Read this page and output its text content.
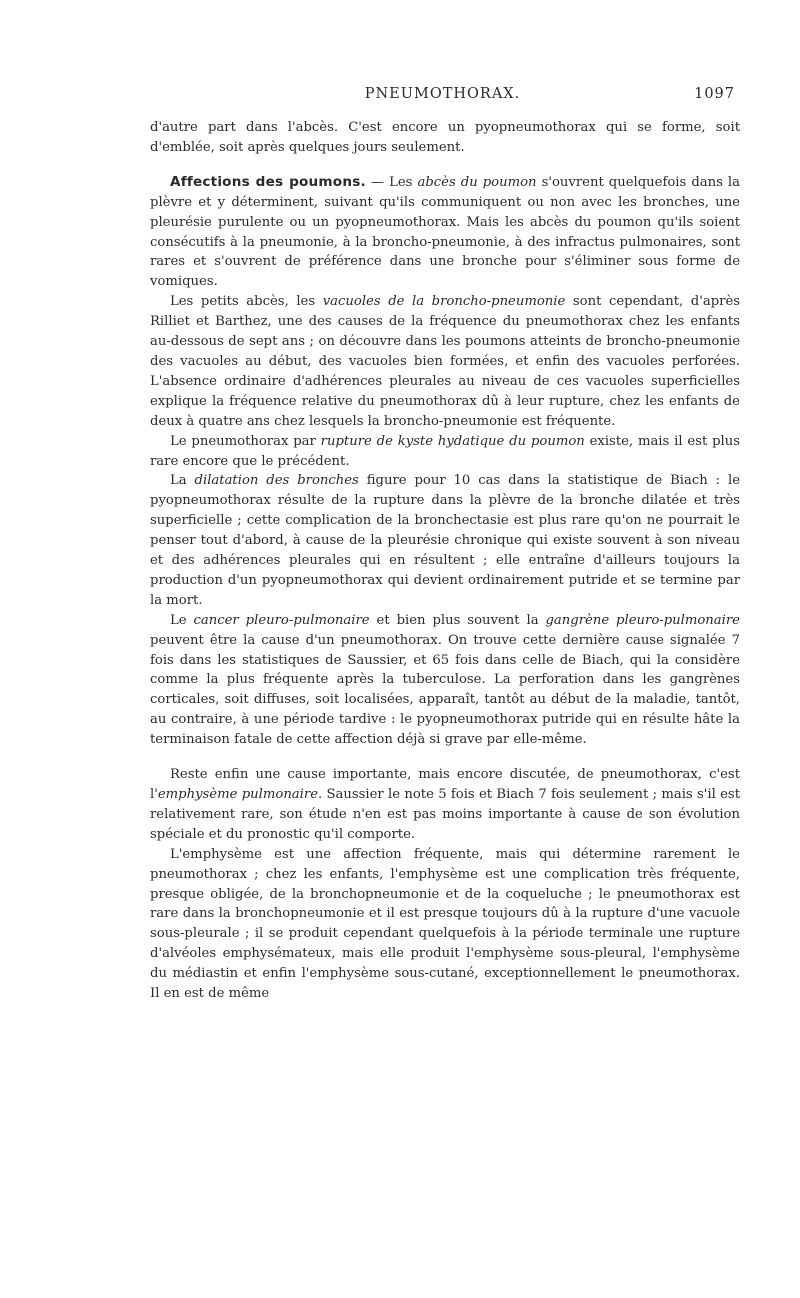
PNEUMOTHORAX.	1097

d'autre part dans l'abcès. C'est encore un pyopneumothorax qui se forme, soit d'emblée, soit après quelques jours seulement.

Affections des poumons. — Les abcès du poumon s'ouvrent quelquefois dans la plèvre et y déterminent, suivant qu'ils communiquent ou non avec les bronches, une pleurésie purulente ou un pyopneumothorax. Mais les abcès du poumon qu'ils soient consécutifs à la pneumonie, à la broncho-pneumonie, à des infractus pulmonaires, sont rares et s'ouvrent de préférence dans une bronche pour s'éliminer sous forme de vomiques.

Les petits abcès, les vacuoles de la broncho-pneumonie sont cependant, d'après Rilliet et Barthez, une des causes de la fréquence du pneumothorax chez les enfants au-dessous de sept ans ; on découvre dans les poumons atteints de broncho-pneumonie des vacuoles au début, des vacuoles bien formées, et enfin des vacuoles perforées. L'absence ordinaire d'adhérences pleurales au niveau de ces vacuoles superficielles explique la fréquence relative du pneumothorax dû à leur rupture, chez les enfants de deux à quatre ans chez lesquels la broncho-pneumonie est fréquente.

Le pneumothorax par rupture de kyste hydatique du poumon existe, mais il est plus rare encore que le précédent.

La dilatation des bronches figure pour 10 cas dans la statistique de Biach : le pyopneumothorax résulte de la rupture dans la plèvre de la bronche dilatée et très superficielle ; cette complication de la bronchectasie est plus rare qu'on ne pourrait le penser tout d'abord, à cause de la pleurésie chronique qui existe souvent à son niveau et des adhérences pleurales qui en résultent ; elle entraîne d'ailleurs toujours la production d'un pyopneumothorax qui devient ordinairement putride et se termine par la mort.

Le cancer pleuro-pulmonaire et bien plus souvent la gangrène pleuro-pulmonaire peuvent être la cause d'un pneumothorax. On trouve cette dernière cause signalée 7 fois dans les statistiques de Saussier, et 65 fois dans celle de Biach, qui la considère comme la plus fréquente après la tuberculose. La perforation dans les gangrènes corticales, soit diffuses, soit localisées, apparaît, tantôt au début de la maladie, tantôt, au contraire, à une période tardive : le pyopneumothorax putride qui en résulte hâte la terminaison fatale de cette affection déjà si grave par elle-même.

Reste enfin une cause importante, mais encore discutée, de pneumothorax, c'est l'emphysème pulmonaire. Saussier le note 5 fois et Biach 7 fois seulement ; mais s'il est relativement rare, son étude n'en est pas moins importante à cause de son évolution spéciale et du pronostic qu'il comporte.

L'emphysème est une affection fréquente, mais qui détermine rarement le pneumothorax ; chez les enfants, l'emphysème est une complication très fréquente, presque obligée, de la bronchopneumonie et de la coqueluche ; le pneumothorax est rare dans la bronchopneumonie et il est presque toujours dû à la rupture d'une vacuole sous-pleurale ; il se produit cependant quelquefois à la période terminale une rupture d'alvéoles emphysémateux, mais elle produit l'emphysème sous-pleural, l'emphysème du médiastin et enfin l'emphysème sous-cutané, exceptionnellement le pneumothorax. Il en est de même
